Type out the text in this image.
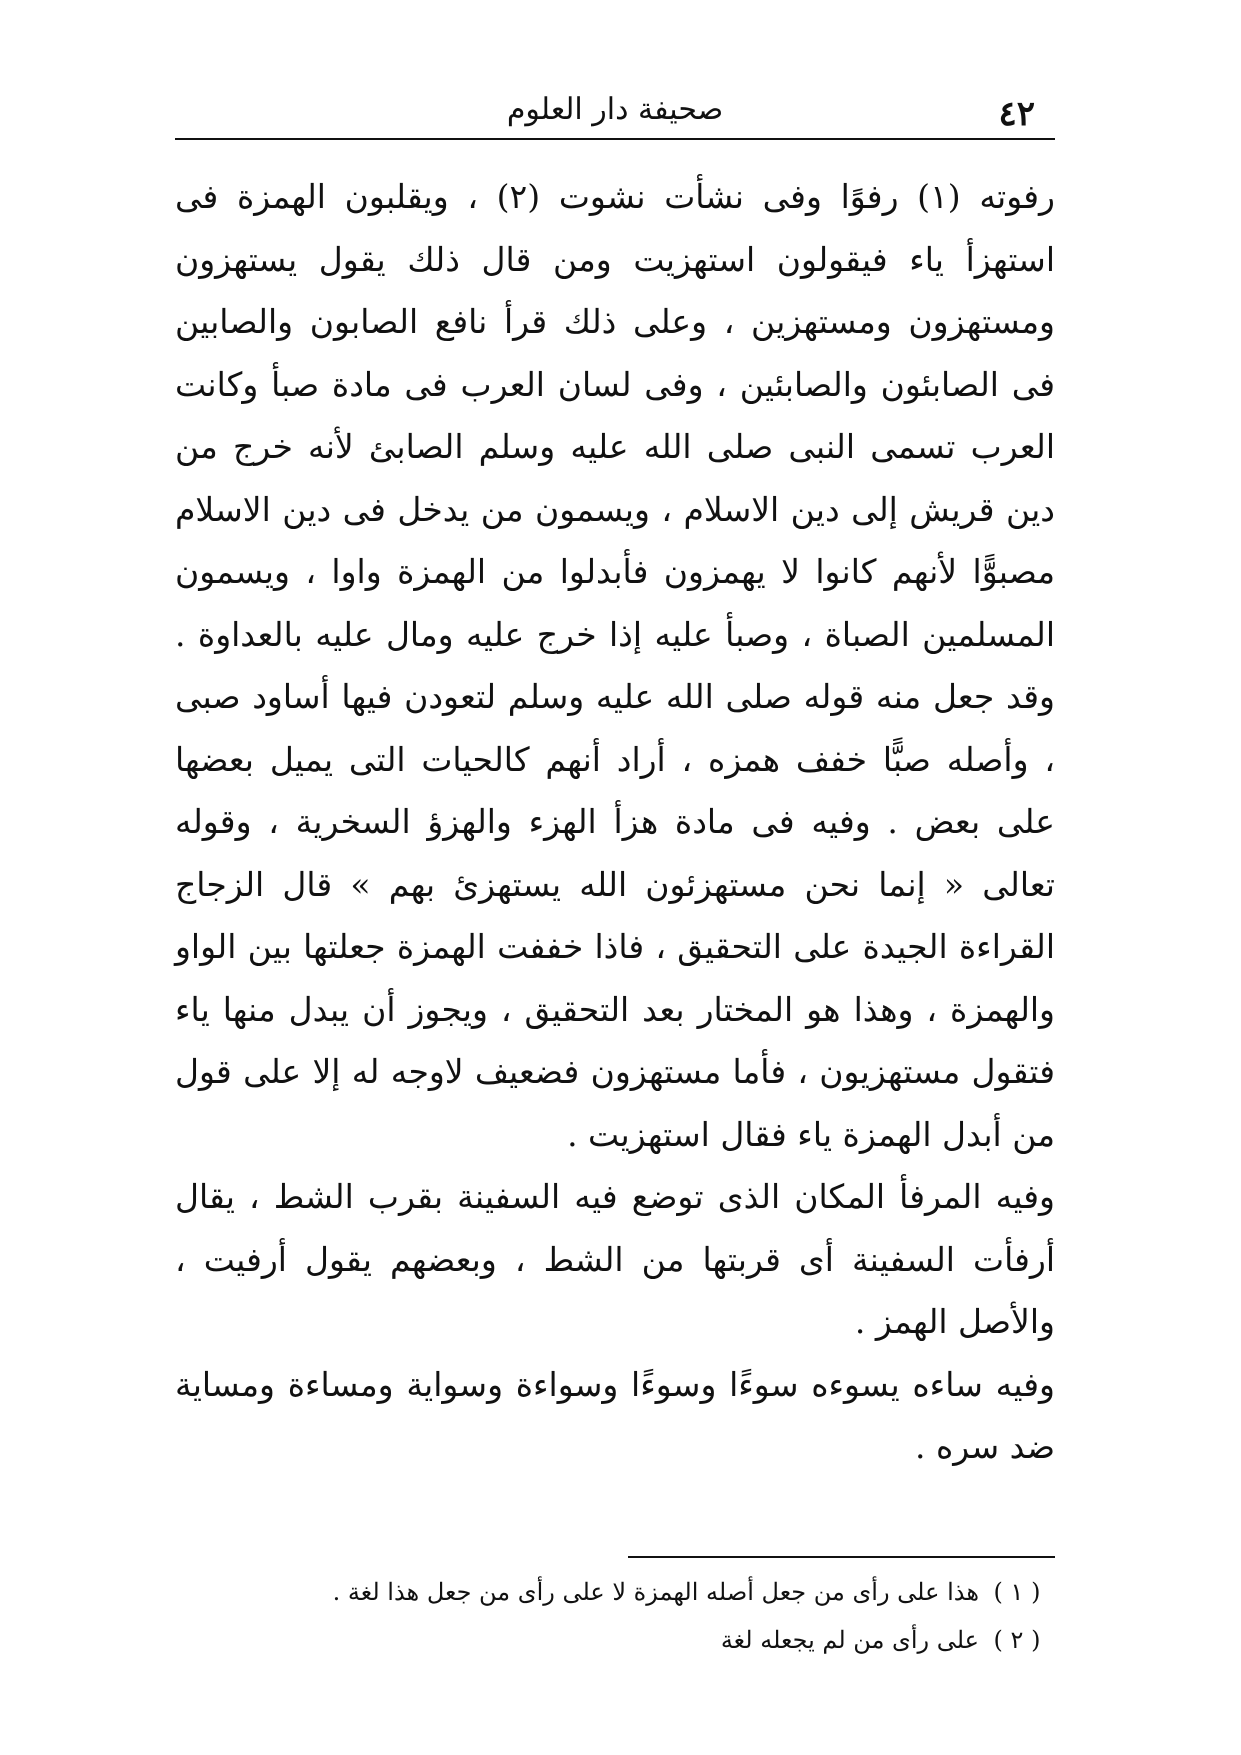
٤٢
صحيفة دار العلوم

رفوته (١) رفوًا وفى نشأت نشوت (٢) ، ويقلبون الهمزة فى استهزأ ياء فيقولون استهزيت ومن قال ذلك يقول يستهزون ومستهزون ومستهزين ، وعلى ذلك قرأ نافع الصابون والصابين فى الصابئون والصابئين ، وفى لسان العرب فى مادة صبأ وكانت العرب تسمى النبى صلى الله عليه وسلم الصابئ لأنه خرج من دين قريش إلى دين الاسلام ، ويسمون من يدخل فى دين الاسلام مصبوًّا لأنهم كانوا لا يهمزون فأبدلوا من الهمزة واوا ، ويسمون المسلمين الصباة ، وصبأ عليه إذا خرج عليه ومال عليه بالعداوة . وقد جعل منه قوله صلى الله عليه وسلم لتعودن فيها أساود صبى ، وأصله صبًّا خفف همزه ، أراد أنهم كالحيات التى يميل بعضها على بعض . وفيه فى مادة هزأ الهزء والهزؤ السخرية ، وقوله تعالى « إنما نحن مستهزئون الله يستهزئ بهم » قال الزجاج القراءة الجيدة على التحقيق ، فاذا خففت الهمزة جعلتها بين الواو والهمزة ، وهذا هو المختار بعد التحقيق ، ويجوز أن يبدل منها ياء فتقول مستهزيون ، فأما مستهزون فضعيف لاوجه له إلا على قول من أبدل الهمزة ياء فقال استهزيت .

وفيه المرفأ المكان الذى توضع فيه السفينة بقرب الشط ، يقال أرفأت السفينة أى قربتها من الشط ، وبعضهم يقول أرفيت ، والأصل الهمز .

وفيه ساءه يسوءه سوءًا وسوءًا وسواءة وسواية ومساءة ومساية ضد سره .

( ١ )
هذا على رأى من جعل أصله الهمزة لا على رأى من جعل هذا لغة .
( ٢ )
على رأى من لم يجعله لغة
